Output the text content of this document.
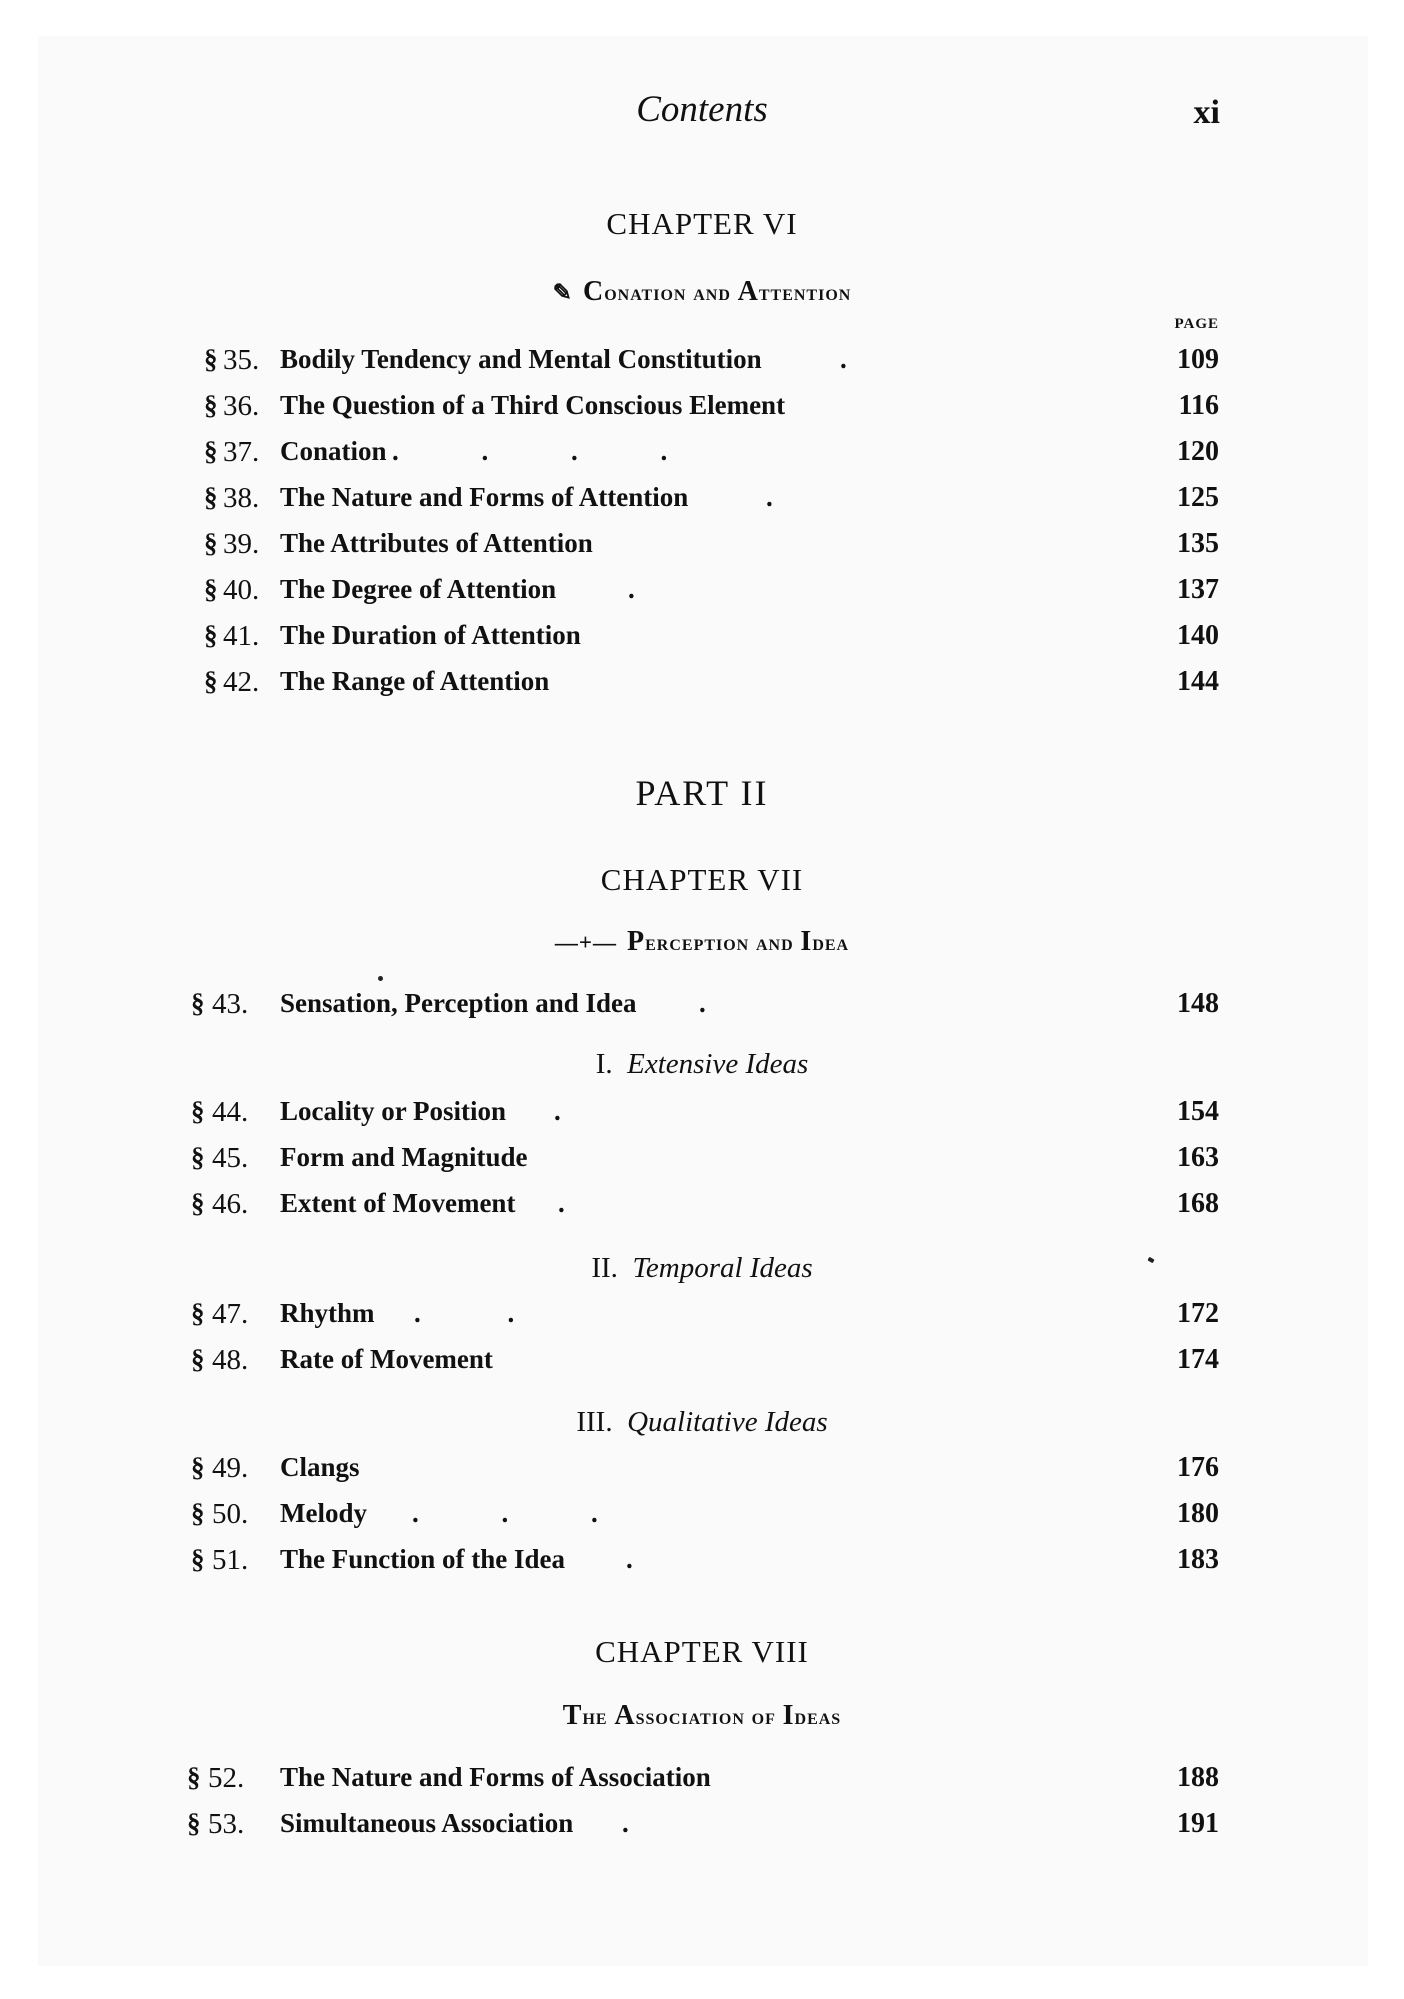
Contents	xi
CHAPTER VI
✎ Conation and Attention
PAGE
§ 35. Bodily Tendency and Mental Constitution	.	109
§ 36. The Question of a Third Conscious Element	116
§ 37. Conation . . . .	120
§ 38. The Nature and Forms of Attention	.	125
§ 39. The Attributes of Attention	135
§ 40. The Degree of Attention	.	137
§ 41. The Duration of Attention	140
§ 42. The Range of Attention	144
PART II
CHAPTER VII
—+— Perception and Idea
§ 43. Sensation, Perception and Idea .	148
I. Extensive Ideas
§ 44. Locality or Position .	154
§ 45. Form and Magnitude	163
§ 46. Extent of Movement .	168
II. Temporal Ideas
§ 47. Rhythm . .	172
§ 48. Rate of Movement	174
III. Qualitative Ideas
§ 49. Clangs	176
§ 50. Melody . . .	180
§ 51. The Function of the Idea .	183
CHAPTER VIII
The Association of Ideas
§ 52. The Nature and Forms of Association	188
§ 53. Simultaneous Association .	191
